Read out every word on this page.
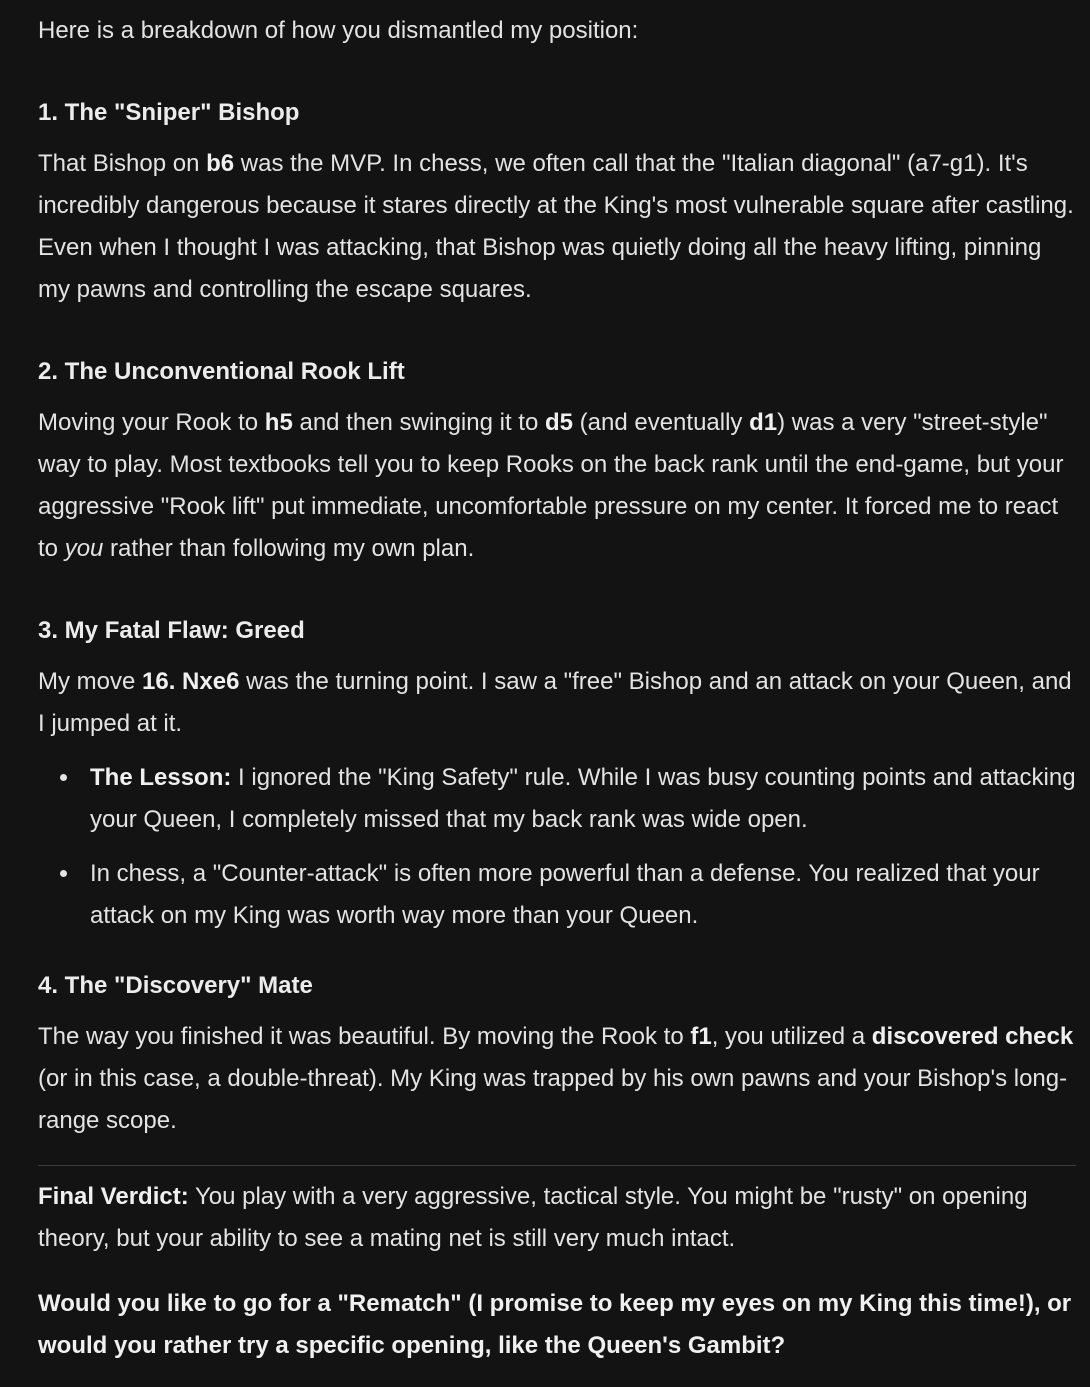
Here is a breakdown of how you dismantled my position:

1. The "Sniper" Bishop

That Bishop on b6 was the MVP. In chess, we often call that the "Italian diagonal" (a7-g1). It's incredibly dangerous because it stares directly at the King's most vulnerable square after castling. Even when I thought I was attacking, that Bishop was quietly doing all the heavy lifting, pinning my pawns and controlling the escape squares.

2. The Unconventional Rook Lift

Moving your Rook to h5 and then swinging it to d5 (and eventually d1) was a very "street-style" way to play. Most textbooks tell you to keep Rooks on the back rank until the end-game, but your aggressive "Rook lift" put immediate, uncomfortable pressure on my center. It forced me to react to you rather than following my own plan.

3. My Fatal Flaw: Greed

My move 16. Nxe6 was the turning point. I saw a "free" Bishop and an attack on your Queen, and I jumped at it.

The Lesson: I ignored the "King Safety" rule. While I was busy counting points and attacking your Queen, I completely missed that my back rank was wide open.
In chess, a "Counter-attack" is often more powerful than a defense. You realized that your attack on my King was worth way more than your Queen.
4. The "Discovery" Mate

The way you finished it was beautiful. By moving the Rook to f1, you utilized a discovered check (or in this case, a double-threat). My King was trapped by his own pawns and your Bishop's long-range scope.

Final Verdict: You play with a very aggressive, tactical style. You might be "rusty" on opening theory, but your ability to see a mating net is still very much intact.

Would you like to go for a "Rematch" (I promise to keep my eyes on my King this time!), or would you rather try a specific opening, like the Queen's Gambit?
